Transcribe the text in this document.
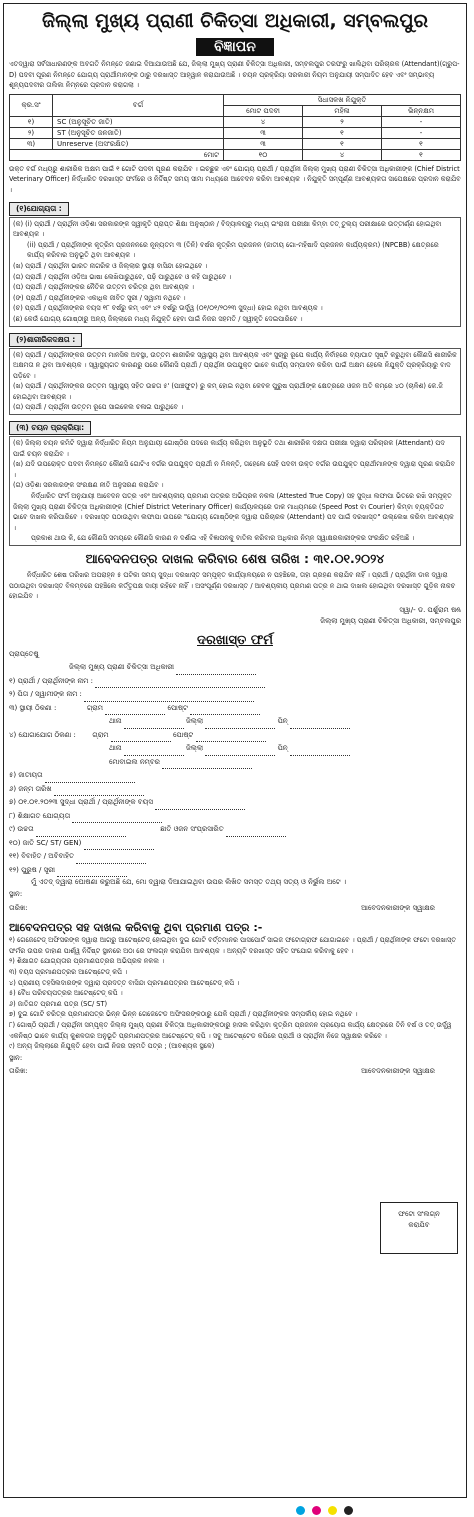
ଜିଲ୍ଲା ମୁଖ୍ୟ ପ୍ରାଣୀ ଚିକିତ୍ସା ଅଧିକାରୀ, ସମ୍ବଲପୁର
ବିଜ୍ଞାପନ

ଏତଦ୍ୱାରା ସର୍ବସାଧାରଣଙ୍କ ଅବଗତି ନିମନ୍ତେ ଜଣାଇ ଦିଆଯାଉଅଛି ଯେ, ଜିଲ୍ଲା ମୁଖ୍ୟ ପ୍ରାଣୀ ଚିକିତ୍ସା ଅଧିକାରୀ, ସମ୍ବଲପୁର ତରଫରୁ ଖାଲିଥିବା ପରିଚାରକ (Attendant)(ଗ୍ରୁପ-D) ପଦବୀ ପୂରଣ ନିମନ୍ତେ ଯୋଗ୍ୟ ପ୍ରାର୍ଥୀମାନଙ୍କ ଠାରୁ ଦରଖାସ୍ତ ଆହ୍ୱାନ କରାଯାଉଅଛି । ଚୟନ ପ୍ରକ୍ରିୟା ସରକାରୀ ନିୟମ ଅନୁଯାୟୀ ସମ୍ପାଦିତ ହେବ ଏବଂ ସମ୍ଭାବ୍ୟ ଶୂନ୍ୟପଦବୀର ତାଲିକା ନିମ୍ନରେ ପ୍ରଦାନ କରାଗଲା ।

କ୍ର.ସଂ	ବର୍ଗ	ସିଧାସଳଖ ନିଯୁକ୍ତି		
		ମୋଟ ପଦବୀ	ମହିଳା	ଭିନ୍ନକ୍ଷମ
୧)	SC (ଅନୁସୂଚିତ ଜାତି)	୪	୨	-
୨)	ST (ଅନୁସୂଚିତ ଜନଜାତି)	୩	୧	-
୩)	Unreserve (ଅସଂରକ୍ଷିତ)	୩	୧	୧
ମୋଟ		୧୦	୪	୧

ଉକ୍ତ ବର୍ଗ ମଧ୍ୟରୁ ଶାରୀରିକ ଅକ୍ଷମ ପାଇଁ ୧ ଗୋଟି ପଦବୀ ପୂରଣ କରାଯିବ । ଇଚ୍ଛୁକ ଏବଂ ଯୋଗ୍ୟ ପ୍ରାର୍ଥୀ / ପ୍ରାର୍ଥିନୀ ଜିଲ୍ଲା ମୁଖ୍ୟ ପ୍ରାଣୀ ଚିକିତ୍ସା ଅଧିକାରୀଙ୍କ (Chief District Veterinary Officer) ନିର୍ଦ୍ଧାରିତ ଦରଖାସ୍ତ ଫର୍ମରେ ଓ ନିର୍ଦ୍ଦିଷ୍ଟ ସମୟ ସୀମା ମଧ୍ୟରେ ଆବେଦନ କରିବା ଆବଶ୍ୟକ । ନିଯୁକ୍ତି ସମ୍ପୂର୍ଣ୍ଣ ଆବଶ୍ୟକତା ସାପେକ୍ଷରେ ପ୍ରଦାନ କରାଯିବ ।

(୧)ଯୋଗ୍ୟତା :
(କ) (i) ପ୍ରାର୍ଥୀ / ପ୍ରାର୍ଥିନୀ ଓଡ଼ିଶା ସରକାରଙ୍କ ସ୍ୱୀକୃତି ପ୍ରାପ୍ତ ଶିକ୍ଷା ଅନୁଷ୍ଠାନ / ବିଦ୍ୟାଳୟରୁ ମଧ୍ୟ ଇଂରାଜୀ ପରୀକ୍ଷା କିମ୍ବା ତତ୍ ତୁଲ୍ୟ ପରୀକ୍ଷାରେ ଉତ୍ତୀର୍ଣ୍ଣ ହୋଇଥିବା ଆବଶ୍ୟକ ।
(ii) ପ୍ରାର୍ଥୀ / ପ୍ରାର୍ଥିନୀଙ୍କ କୃତ୍ରିମ ପ୍ରଜନନରେ ନୂନ୍ୟତମ ୩ (ତିନି) ବର୍ଷର କୃତ୍ରିମ ପ୍ରଜନନ (ଜାତୀୟ ଗୋ-ମହିଷାଦି ପ୍ରଜନନ କାର୍ଯ୍ୟକ୍ରମ) (NPCBB) କ୍ଷେତ୍ରରେ କାର୍ଯ୍ୟ କରିବାର ଅନୁଭୂତି ଥିବା ଆବଶ୍ୟକ ।
(ଖ) ପ୍ରାର୍ଥୀ / ପ୍ରାର୍ଥିନୀ ଭାରତ ନାଗରିକ ଓ ଜିଲ୍ଲାର ସ୍ଥାୟୀ ବାସିନ୍ଦା ହୋଇଥିବେ ।
(ଗ) ପ୍ରାର୍ଥୀ / ପ୍ରାର୍ଥିନୀ ଓଡ଼ିଆ ଭାଷା ଲେଖିପାରୁଥିବେ, ପଢ଼ି ପାରୁଥିବେ ଓ କହି ପାରୁଥିବେ ।
(ଘ) ପ୍ରାର୍ଥୀ / ପ୍ରାର୍ଥିନୀଙ୍କର ନୈତିକ ଉତ୍ତମ ଚରିତ୍ର ଥିବା ଆବଶ୍ୟକ ।
(ଙ) ପ୍ରାର୍ଥୀ / ପ୍ରାର୍ଥିନୀଙ୍କର ଏକାଧିକ ଜୀବିତ ସ୍ତ୍ରୀ / ସ୍ୱାମୀ ନଥିବେ ।
(ଚ) ପ୍ରାର୍ଥୀ / ପ୍ରାର୍ଥିନୀଙ୍କର ବୟସ ୧୮ ବର୍ଷରୁ କମ୍ ଏବଂ ୪୨ ବର୍ଷରୁ ଊର୍ଦ୍ଧ୍ୱ (୦୧/୦୧/୨୦୨୩ ସୁଦ୍ଧା) ହୋଇ ନଥିବା ଆବଶ୍ୟକ ।
(ଛ) କେଉଁ ଯୋଗ୍ୟ ଗୋଷ୍ଠୀରୁ ଅନ୍ୟ ଜିଲ୍ଲାରେ ମଧ୍ୟ ନିଯୁକ୍ତି ହେବା ପାଇଁ ନିଜର ସହମତି / ସ୍ୱୀକୃତି ଦେଇପାରିବେ ।
(୨)ଶାରୀରିକଦକ୍ଷତା :
(କ) ପ୍ରାର୍ଥୀ / ପ୍ରାର୍ଥିନୀଙ୍କର ଉତ୍ତମ ମାନସିକ ଅବସ୍ଥା, ଉତ୍ତମ ଶାରୀରିକ ସ୍ୱାସ୍ଥ୍ୟ ଥିବା ଆବଶ୍ୟକ ଏବଂ ସୁଚାରୁ ରୂପେ କାର୍ଯ୍ୟ ନିର୍ବାହରେ ବ୍ୟାଘାତ ସୃଷ୍ଟି କରୁଥିବା କୌଣସି ଶାରୀରିକ ଅକ୍ଷମତା ନ ଥିବା ଆବଶ୍ୟକ । ସ୍ୱାସ୍ଥ୍ୟଗତ କାରଣରୁ ପରେ କୌଣସି ପ୍ରାର୍ଥୀ / ପ୍ରାର୍ଥିନୀ ଉପଯୁକ୍ତ ଭାବେ କାର୍ଯ୍ୟ ସମ୍ପାଦନ କରିବା ପାଇଁ ଅକ୍ଷମ ହେଲେ ନିଯୁକ୍ତି ପ୍ରକ୍ରିୟାରୁ ବାଦ ପଡ଼ିବେ ।
(ଖ) ପ୍ରାର୍ଥୀ / ପ୍ରାର୍ଥିନୀଙ୍କର ଉତ୍ତମ ସ୍ୱାସ୍ଥ୍ୟ ସହିତ ଉଚ୍ଚତା ୫' (ପାଞ୍ଚଫୁଟ) ରୁ କମ୍ ହୋଇ ନଥିବା କେବଳ ପୁରୁଷ ପ୍ରାର୍ଥୀଙ୍କ କ୍ଷେତ୍ରରେ ଓଜନ ଅତି କମ୍‌ରେ ୪୦ (ଚାଳିଶ) କେ.ଜି ହୋଇଥିବା ଆବଶ୍ୟକ ।
(ଗ) ପ୍ରାର୍ଥୀ / ପ୍ରାର୍ଥିନୀ ଉତ୍ତମ ରୂପେ ସାଇକେଲ ଚଳାଇ ପାରୁଥିବେ ।
(୩) ଚୟନ ପ୍ରକ୍ରିୟା:
(କ) ଜିଲ୍ଲା ଚୟନ କମିଟି ଦ୍ୱାରା ନିର୍ଦ୍ଧାରିତ ନିୟମ ଅନୁଯାୟୀ ଗୋଷ୍ଠିର ପଦରେ କାର୍ଯ୍ୟ କରିଥିବା ଅନୁଭୂତି ତଥା ଶାରୀରିକ ଦକ୍ଷତା ପରୀକ୍ଷା ଦ୍ୱାରା ପରିଚାରକ (Attendant) ପଦ ପାଇଁ ଚୟନ କରାଯିବ ।
(ଖ) ଯଦି ଉପରୋକ୍ତ ପଦବୀ ନିମନ୍ତେ କୌଣସି ଗୋଟିଏ ବର୍ଗର ଉପଯୁକ୍ତ ପ୍ରାର୍ଥୀ ନ ମିଳନ୍ତି, ତାହେଲେ ସେହି ପଦବୀ ଉକ୍ତ ବର୍ଗର ଉପଯୁକ୍ତ ପ୍ରାର୍ଥୀମାନଙ୍କ ଦ୍ୱାରା ପୂରଣ କରାଯିବ ।
(ଗ) ଓଡ଼ିଶା ସରକାରଙ୍କ ସଂରକ୍ଷଣ ନୀତି ଅନୁସରଣ କରାଯିବ ।
ନିର୍ଦ୍ଧାରିତ ଫର୍ମ ଅନୁଯାୟୀ ଆବେଦନ ପତ୍ର ଏବଂ ଆବଶ୍ୟକୀୟ ପ୍ରମାଣ ପତ୍ରର ଅଭିପ୍ରକ ନକଲ (Attested True Copy) ସହ ସୁଦ୍ଧା ଲଫାପା ଭିତରେ ରଖି ସମ୍ପୃକ୍ତ ଜିଲ୍ଲା ମୁଖ୍ୟ ପ୍ରାଣୀ ଚିକିତ୍ସା ଅଧିକାରୀଙ୍କ (Chief District Veterinary Officer) କାର୍ଯ୍ୟାଳୟରେ ଡାକ ମାଧ୍ୟମରେ (Speed Post ବା Courier) କିମ୍ବା ବ୍ୟକ୍ତିଗତ ଭାବେ ଦାଖଲ କରିପାରିବେ । ଦରଖାସ୍ତ ପଠାଉଥିବା ଲଫାପା ଉପରେ "ଯୋଗ୍ୟ ଗୋଷ୍ଠିଙ୍କ ଦ୍ୱାରା ପରିଚାରକ (Attendant) ପଦ ପାଇଁ ଦରଖାସ୍ତ" ଉଲ୍ଲେଖ କରିବା ଆବଶ୍ୟକ ।
ପ୍ରକାଶ ଥାଉ କି, ଯେ କୌଣସି ସମୟରେ କୌଣସି କାରଣ ନ ଦର୍ଶାଇ ଏହି ବିଜ୍ଞାପନକୁ ବାତିଲ କରିବାର ଅଧିକାର ନିମ୍ନ ସ୍ୱାକ୍ଷରକାରୀଙ୍କର ସଂରକ୍ଷିତ ରହିଅଛି ।
ଆବେଦନପତ୍ର ଦାଖଲ କରିବାର ଶେଷ ତାରିଖ : ୩୧.୦୧.୨୦୨୪

ନିର୍ଦ୍ଧାରିତ ଶେଷ ତାରିଖର ଅପରାହ୍ନ ୫ ଘଟିକା ସମୟ ସୁଦ୍ଧା ଦରଖାସ୍ତ ସମ୍ପୃକ୍ତ କାର୍ଯ୍ୟାଳୟରେ ନ ପହଞ୍ଚିଲେ, ତାହା ଗ୍ରହଣ କରାଯିବ ନାହିଁ । ପ୍ରାର୍ଥୀ / ପ୍ରାର୍ଥିନୀ ଡାକ ଦ୍ୱାରା ପଠାଉଥିବା ଦରଖାସ୍ତ ବିଳମ୍ବରେ ପହଞ୍ଚିଲେ କର୍ତ୍ତୃପକ୍ଷ ଦାୟୀ ରହିବେ ନାହିଁ । ଅସଂପୂର୍ଣ୍ଣ ଦରଖାସ୍ତ / ଆବଶ୍ୟକୀୟ ପ୍ରମାଣ ପତ୍ର ନ ଥାଇ ଦାଖଲ ହୋଇଥିବା ଦରଖାସ୍ତ ଗୁଡ଼ିକ ନାକଚ ହୋଇଯିବ ।

ସ୍ୱା/- ଡ. ପର୍ଶୁରାମ ଷଣ୍ଢ
ଜିଲ୍ଲା ମୁଖ୍ୟ ପ୍ରାଣୀ ଚିକିତ୍ସା ଅଧିକାରୀ, ସମ୍ବଲପୁର
ଦରଖାସ୍ତ ଫର୍ମ
ପ୍ରାପ୍ତେଷୁ
ଜିଲ୍ଲା ମୁଖ୍ୟ ପ୍ରାଣୀ ଚିକିତ୍ସା ଅଧିକାରୀ
୧) ପ୍ରାର୍ଥୀ / ପ୍ରାର୍ଥିନୀଙ୍କ ନାମ :
୨) ପିତା / ସ୍ୱାମୀଙ୍କ ନାମ :
୩) ସ୍ଥାୟୀ ଠିକଣା :	ଗ୍ରାମ	ପୋଷ୍ଟ
ଥାନା	ଜିଲ୍ଲା	ପିନ୍
୪) ଯୋଗାଯୋଗ ଠିକଣା : ଗ୍ରାମ	ପୋଷ୍ଟ
ଥାନା	ଜିଲ୍ଲା	ପିନ୍
ମୋବାଇଲ ନମ୍ବର
୫) ଜାତୀୟତା
୬) ଜନ୍ମ ତାରିଖ
୭) ୦୧.୦୧.୨୦୨୩ ସୁଦ୍ଧା ପ୍ରାର୍ଥୀ / ପ୍ରାର୍ଥିନୀଙ୍କ ବୟସ
୮) ଶିକ୍ଷାଗତ ଯୋଗ୍ୟତା
୯) ଉଚ୍ଚତା	ଛାତି ଓଜନ ସଂପ୍ରସାରିତ
୧୦) ଜାତି SC/ ST/ GEN)
୧୧) ବିବାହିତ / ଅବିବାହିତ
୧୨) ପୁରୁଷ / ସ୍ତ୍ରୀ
ମୁଁ ଏତଦ୍ ଦ୍ୱାରା ଘୋଷଣା କରୁଅଛି ଯେ, ମୋ ଦ୍ୱାରା ଦିଆଯାଇଥିବା ଉପର ଲିଖିତ ସମସ୍ତ ତଥ୍ୟ ସତ୍ୟ ଓ ନିର୍ଭୁଲ ଅଟେ ।
ସ୍ଥାନ:
ତାରିଖ:	ଆବେଦନକାରୀଙ୍କ ସ୍ୱାକ୍ଷର
ଆବେଦନପତ୍ର ସହ ଦାଖଲ କରିବାକୁ ଥିବା ପ୍ରମାଣ ପତ୍ର :-
୧) ଗେଜେଟେଡ୍ ଅଫିସରଙ୍କ ଦ୍ୱାରା ଆଗରୁ ଆଟେଷ୍ଟେଡ୍ ହୋଇଥିବା ଦୁଇ ଗୋଟି ବର୍ତ୍ତମାନର ପାସପୋର୍ଟ ସାଇଜ ଫଟୋଗ୍ରାଫ ଯୋଗାଇବେ । ପ୍ରାର୍ଥୀ / ପ୍ରାର୍ଥିନୀଙ୍କ ଫଟୋ ଦରଖାସ୍ତ ଫର୍ମର ଉପର ଡାହାଣ ପାର୍ଶ୍ୱ ନିର୍ଦ୍ଦିଷ୍ଟ ସ୍ଥାନରେ ଅଠା ରେ ସଂଲଗ୍ନ କରାଯିବା ଆବଶ୍ୟକ । ଅନ୍ୟଟି ଦରଖାସ୍ତ ସହିତ ସଂଯୋଗ କରିବାକୁ ହେବ ।
୨) ଶିକ୍ଷାଗତ ଯୋଗ୍ୟତାର ପ୍ରମାଣପତ୍ରର ଅଭିପ୍ରକ ନକଲ ।
୩) ବୟସ ପ୍ରମାଣପତ୍ରର ଆଟେଷ୍ଟେଡ୍ କପି ।
୪) ପ୍ରାଣୀୟ ତହସିଲଦାରଙ୍କ ଦ୍ୱାରା ପ୍ରଦତ୍ତ ବାସିନ୍ଦା ପ୍ରମାଣପତ୍ରର ଆଟେଷ୍ଟେଡ୍ କପି ।
୫) ବୈଧ ପରିଚୟପତ୍ରର ଆଟେଷ୍ଟେଡ୍ କପି ।
୬) ଜାତିଗତ ପ୍ରମାଣ ପତ୍ର (SC/ ST)
୭) ଦୁଇ ଗୋଟି ଚରିତ୍ର ପ୍ରମାଣପତ୍ର ଭିନ୍ନ ଭିନ୍ନ ଗେଜେଟେଡ ଅଫିସରଙ୍କଠାରୁ ଯେକି ପ୍ରାର୍ଥୀ / ପ୍ରାର୍ଥିନୀଙ୍କର ସମ୍ପର୍କୀୟ ହୋଇ ନଥିବେ ।
୮) ଗୋଷ୍ଠି ପ୍ରାର୍ଥୀ / ପ୍ରାର୍ଥିନୀ ସମ୍ପୃକ୍ତ ଜିଲ୍ଲା ମୁଖ୍ୟ ପ୍ରାଣୀ ଚିକିତ୍ସା ଅଧିକାରୀଙ୍କଠାରୁ ହାସଲ କରିଥିବା କୃତ୍ରିମ ପ୍ରଜନନ ପ୍ରୟୋଗ କାର୍ଯ୍ୟ କ୍ଷେତ୍ରରେ ତିନି ବର୍ଷ ଓ ତତ୍ ଉର୍ଦ୍ଧ୍ୱ ଏକନିଷ୍ଠ ଭାବେ କାର୍ଯ୍ୟ କୁଶଳତାର ଅନୁଭୂତି ପ୍ରମାଣପତ୍ରର ଆଟେଷ୍ଟେଡ୍ କପି । ସବୁ ଆଟେଷ୍ଟେଡ କପିରେ ପ୍ରାର୍ଥୀ ଓ ପ୍ରାର୍ଥିନୀ ନିଜେ ସ୍ୱାକ୍ଷର କରିବେ ।
୯) ଅନ୍ୟ ଜିଲ୍ଲାରେ ନିଯୁକ୍ତି ହେବା ପାଇଁ ନିଜର ସହମତି ପତ୍ର ; (ଆବଶ୍ୟକ ସ୍ଥଳେ)
ସ୍ଥାନ:
ତାରିଖ:	ଆବେଦନକାରୀଙ୍କ ସ୍ୱାକ୍ଷର
ଫଟୋ ସଂଲଗ୍ନ
କରାଯିବ
